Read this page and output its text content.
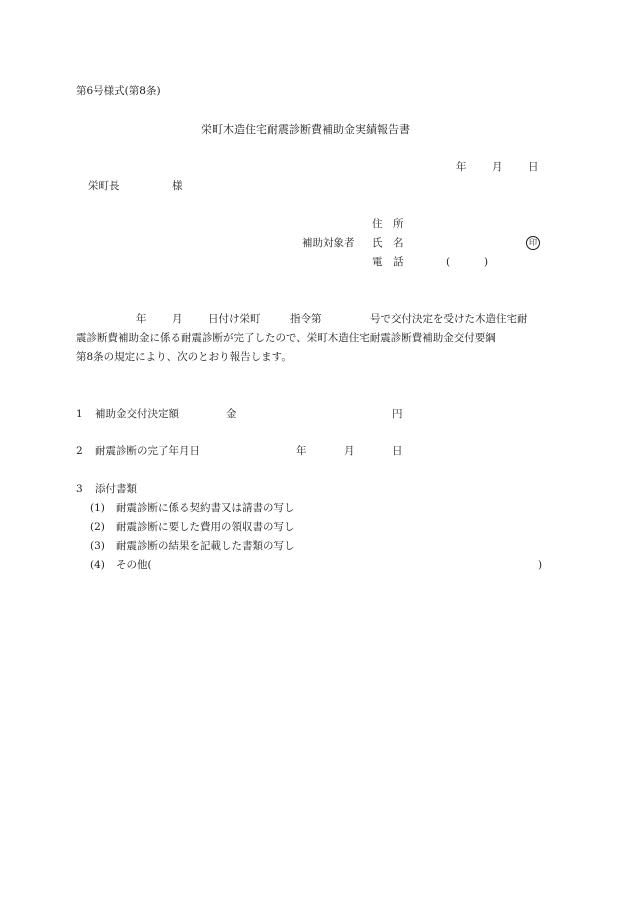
第6号様式(第8条)
栄町木造住宅耐震診断費補助金実績報告書
年 月 日
栄町長	様
住　所
補助対象者 氏　名	印
電　話	(	)
年 月 日付け栄町	指令第	号で交付決定を受けた木造住宅耐
震診断費補助金に係る耐震診断が完了したので、栄町木造住宅耐震診断費補助金交付要綱
第8条の規定により、次のとおり報告します。
1 補助金交付決定額	金	円
2 耐震診断の完了年月日	年	月	日
3 添付書類
(1) 耐震診断に係る契約書又は請書の写し
(2) 耐震診断に要した費用の領収書の写し
(3) 耐震診断の結果を記載した書類の写し
(4) その他(	)
